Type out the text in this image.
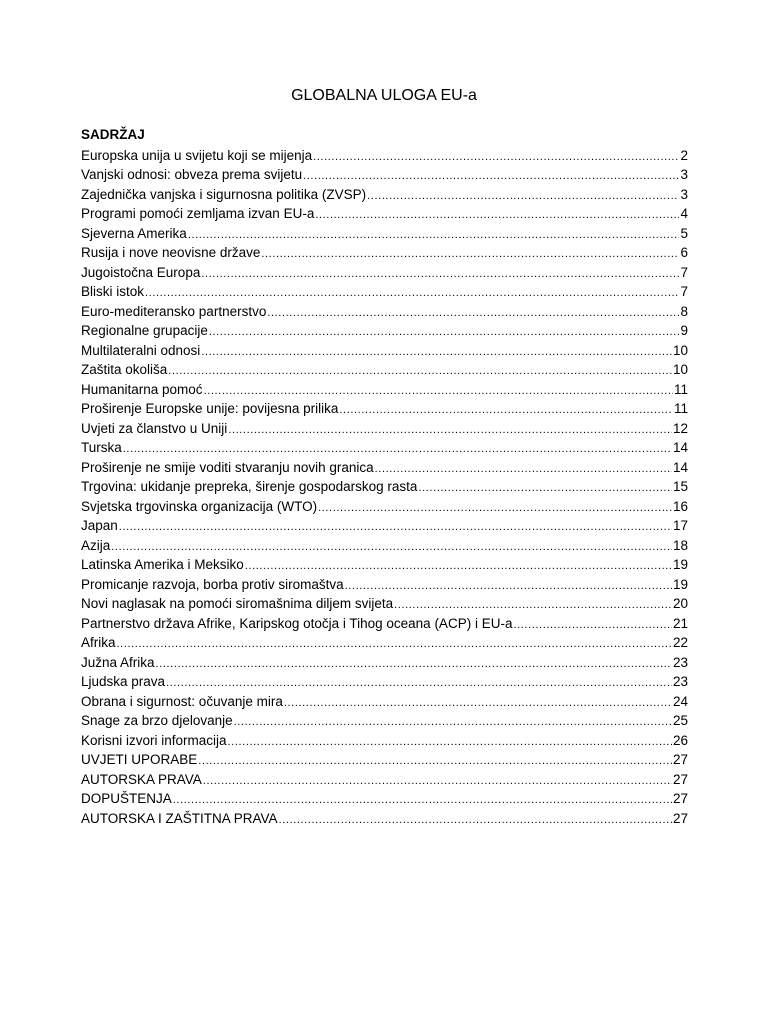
GLOBALNA ULOGA EU-a
SADRŽAJ
Europska unija u svijetu koji se mijenja .....	2
Vanjski odnosi: obveza prema svijetu .....	3
Zajednička vanjska i sigurnosna politika (ZVSP) .....	3
Programi pomoći zemljama izvan EU-a .....	4
Sjeverna Amerika .....	5
Rusija i nove neovisne države .....	6
Jugoistočna Europa .....	7
Bliski istok .....	7
Euro-mediteransko partnerstvo .....	8
Regionalne grupacije .....	9
Multilateralni odnosi .....	10
Zaštita okoliša .....	10
Humanitarna pomoć .....	11
Proširenje Europske unije: povijesna prilika .....	11
Uvjeti za članstvo u Uniji .....	12
Turska .....	14
Proširenje ne smije voditi stvaranju novih granica .....	14
Trgovina: ukidanje prepreka, širenje gospodarskog rasta .....	15
Svjetska trgovinska organizacija (WTO) .....	16
Japan .....	17
Azija .....	18
Latinska Amerika i Meksiko .....	19
Promicanje razvoja, borba protiv siromaštva .....	19
Novi naglasak na pomoći siromašnima diljem svijeta .....	20
Partnerstvo država Afrike, Karipskog otočja i Tihog oceana (ACP) i EU-a .....	21
Afrika .....	22
Južna Afrika .....	23
Ljudska prava .....	23
Obrana i sigurnost: očuvanje mira .....	24
Snage za brzo djelovanje .....	25
Korisni izvori informacija .....	26
UVJETI UPORABE .....	27
AUTORSKA PRAVA .....	27
DOPUŠTENJA .....	27
AUTORSKA I ZAŠTITNA PRAVA .....	27
